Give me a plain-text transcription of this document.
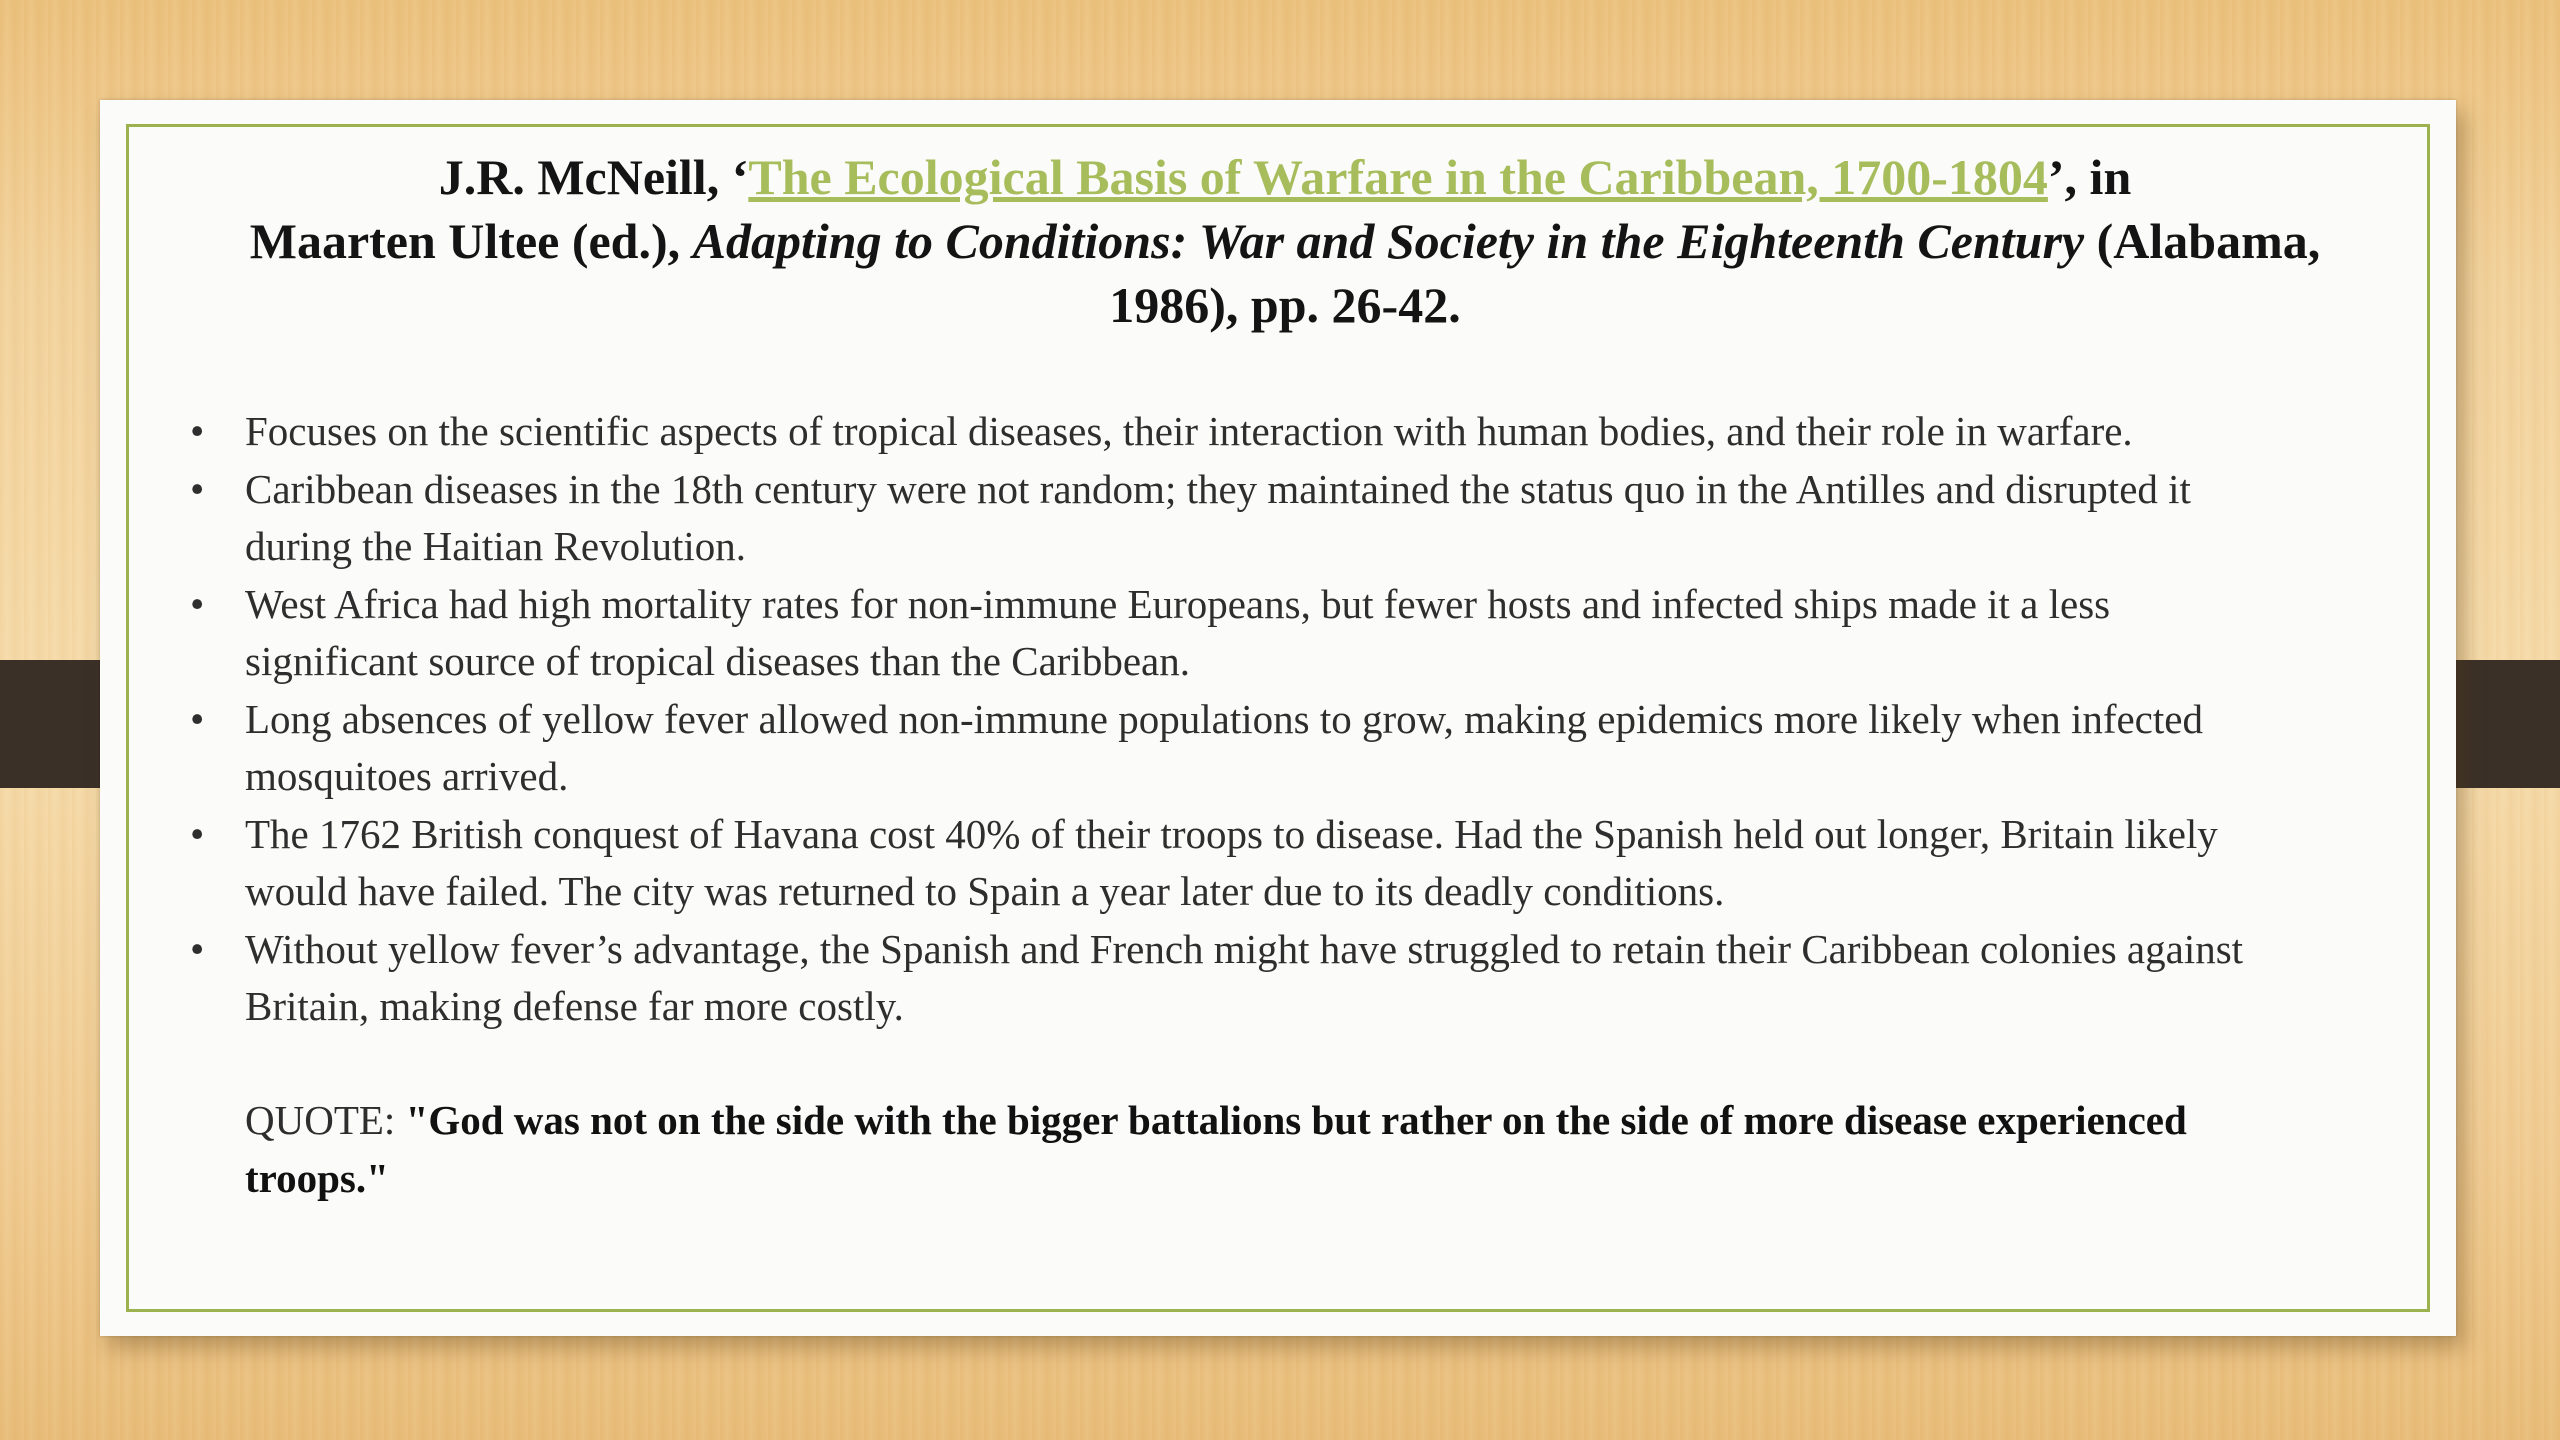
J.R. McNeill, ‘The Ecological Basis of Warfare in the Caribbean, 1700-1804’, in
Maarten Ultee (ed.), Adapting to Conditions: War and Society in the Eighteenth Century (Alabama, 1986), pp. 26-42.
• Focuses on the scientific aspects of tropical diseases, their interaction with human bodies, and their role in warfare.
• Caribbean diseases in the 18th century were not random; they maintained the status quo in the Antilles and disrupted it during the Haitian Revolution.
• West Africa had high mortality rates for non-immune Europeans, but fewer hosts and infected ships made it a less significant source of tropical diseases than the Caribbean.
• Long absences of yellow fever allowed non-immune populations to grow, making epidemics more likely when infected mosquitoes arrived.
• The 1762 British conquest of Havana cost 40% of their troops to disease. Had the Spanish held out longer, Britain likely would have failed. The city was returned to Spain a year later due to its deadly conditions.
• Without yellow fever’s advantage, the Spanish and French might have struggled to retain their Caribbean colonies against Britain, making defense far more costly.
QUOTE: "God was not on the side with the bigger battalions but rather on the side of more disease experienced troops."
